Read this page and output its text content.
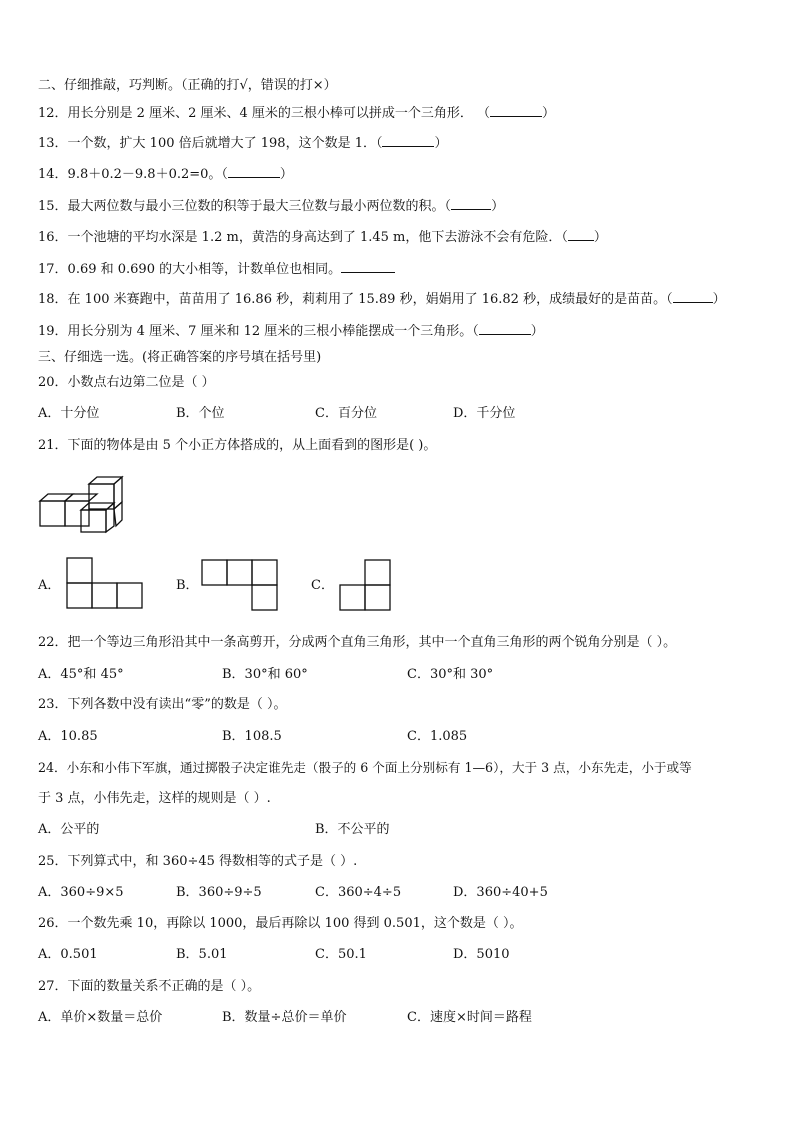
二、仔细推敲，巧判断。（正确的打√，错误的打×）
12．用长分别是 2 厘米、2 厘米、4 厘米的三根小棒可以拼成一个三角形． （	）
13．一个数，扩大 100 倍后就增大了 198，这个数是 1．（	）
14．9.8＋0.2－9.8＋0.2=0。（	）
15．最大两位数与最小三位数的积等于最大三位数与最小两位数的积。（	）
16．一个池塘的平均水深是 1.2 m，黄浩的身高达到了 1.45 m，他下去游泳不会有危险．（ ）
17．0.69 和 0.690 的大小相等，计数单位也相同。
18．在 100 米赛跑中，苗苗用了 16.86 秒，莉莉用了 15.89 秒，娟娟用了 16.82 秒，成绩最好的是苗苗。（	）
19．用长分别为 4 厘米、7 厘米和 12 厘米的三根小棒能摆成一个三角形。（	）
三、仔细选一选。(将正确答案的序号填在括号里)
20．小数点右边第二位是（ ）
A．十分位	B．个位	C．百分位	D．千分位
21．下面的物体是由 5 个小正方体搭成的，从上面看到的图形是( )。
A．	B．	C．
22．把一个等边三角形沿其中一条高剪开，分成两个直角三角形，其中一个直角三角形的两个锐角分别是（ ）。
A．45°和 45°	B．30°和 60°	C．30°和 30°
23．下列各数中没有读出“零”的数是（ ）。
A．10.85	B．108.5	C．1.085
24．小东和小伟下军旗，通过掷骰子决定谁先走（骰子的 6 个面上分别标有 1—6），大于 3 点，小东先走，小于或等
于 3 点，小伟先走，这样的规则是（ ）.
A．公平的	B．不公平的
25．下列算式中，和 360÷45 得数相等的式子是（ ）.
A．360÷9×5	B．360÷9÷5	C．360÷4÷5	D．360÷40+5
26．一个数先乘 10，再除以 1000，最后再除以 100 得到 0.501，这个数是（ ）。
A．0.501	B．5.01	C．50.1	D．5010
27．下面的数量关系不正确的是（ ）。
A．单价×数量＝总价	B．数量÷总价＝单价	C．速度×时间＝路程
